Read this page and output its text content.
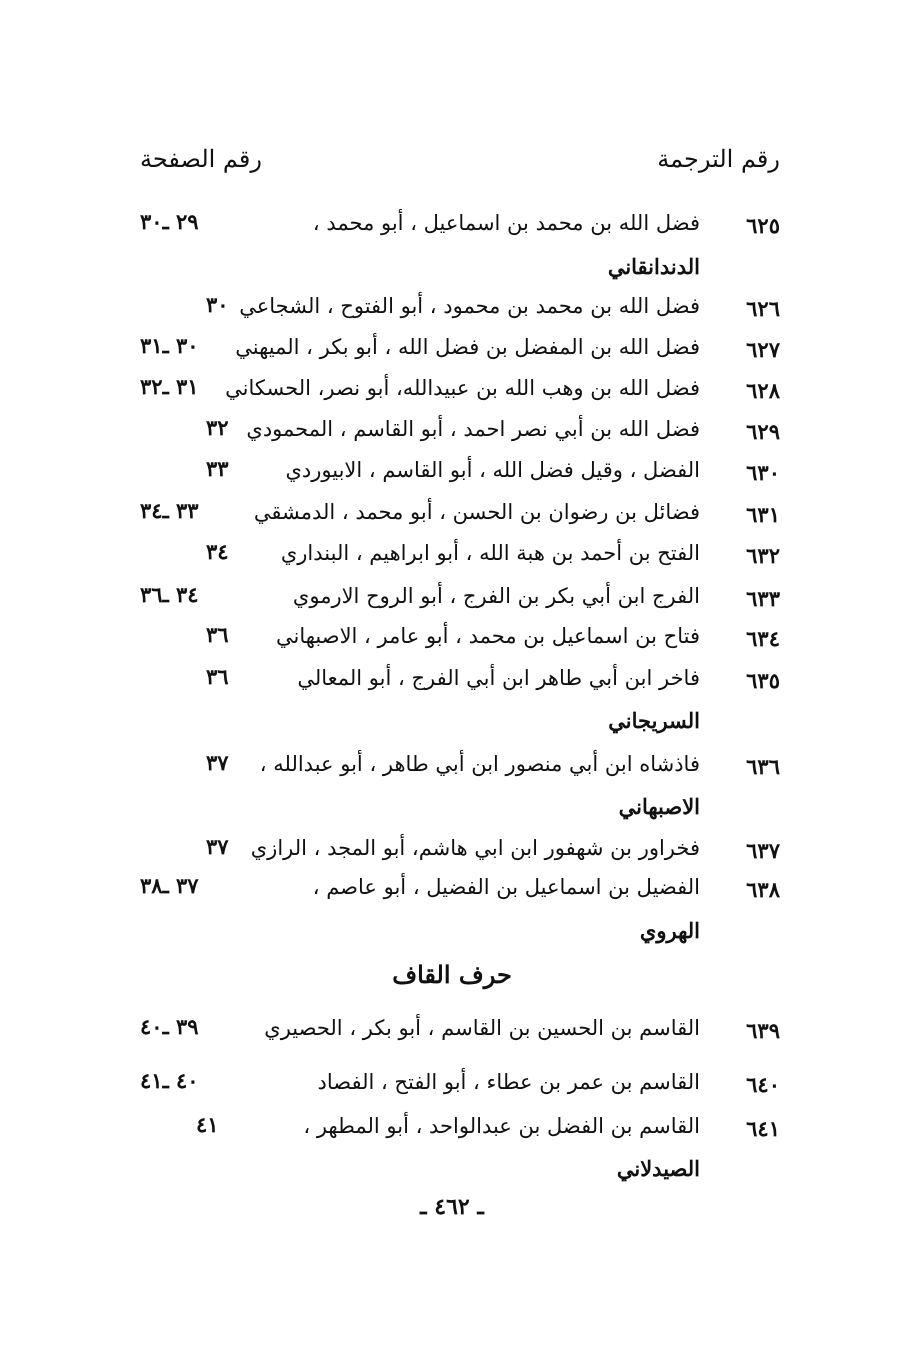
رقم الترجمة
رقم الصفحة
٦٢٥
فضل الله بن محمد بن اسماعيل ، أبو محمد ،
٢٩ ـ٣٠
الدندانقاني
٦٢٦
فضل الله بن محمد بن محمود ، أبو الفتوح ، الشجاعي
٣٠
٦٢٧
فضل الله بن المفضل بن فضل الله ، أبو بكر ، الميهني
٣٠ ـ٣١
٦٢٨
فضل الله بن وهب الله بن عبيدالله، أبو نصر، الحسكاني
٣١ ـ٣٢
٦٢٩
فضل الله بن أبي نصر احمد ، أبو القاسم ، المحمودي
٣٢
٦٣٠
الفضل ، وقيل فضل الله ، أبو القاسم ، الابيوردي
٣٣
٦٣١
فضائل بن رضوان بن الحسن ، أبو محمد ، الدمشقي
٣٣ ـ٣٤
٦٣٢
الفتح بن أحمد بن هبة الله ، أبو ابراهيم ، البنداري
٣٤
٦٣٣
الفرج ابن أبي بكر بن الفرج ، أبو الروح الارموي
٣٤ ـ٣٦
٦٣٤
فتاح بن اسماعيل بن محمد ، أبو عامر ، الاصبهاني
٣٦
٦٣٥
فاخر ابن أبي طاهر ابن أبي الفرج ، أبو المعالي
٣٦
السريجاني
٦٣٦
فاذشاه ابن أبي منصور ابن أبي طاهر ، أبو عبدالله ،
٣٧
الاصبهاني
٦٣٧
فخراور بن شهفور ابن ابي هاشم، أبو المجد ، الرازي
٣٧
٦٣٨
الفضيل بن اسماعيل بن الفضيل ، أبو عاصم ،
٣٧ ـ٣٨
الهروي
حرف القاف
٦٣٩
القاسم بن الحسين بن القاسم ، أبو بكر ، الحصيري
٣٩ ـ٤٠
٦٤٠
القاسم بن عمر بن عطاء ، أبو الفتح ، الفصاد
٤٠ ـ٤١
٦٤١
القاسم بن الفضل بن عبدالواحد ، أبو المطهر ،
٤١
الصيدلاني
ـ ٤٦٢ ـ
